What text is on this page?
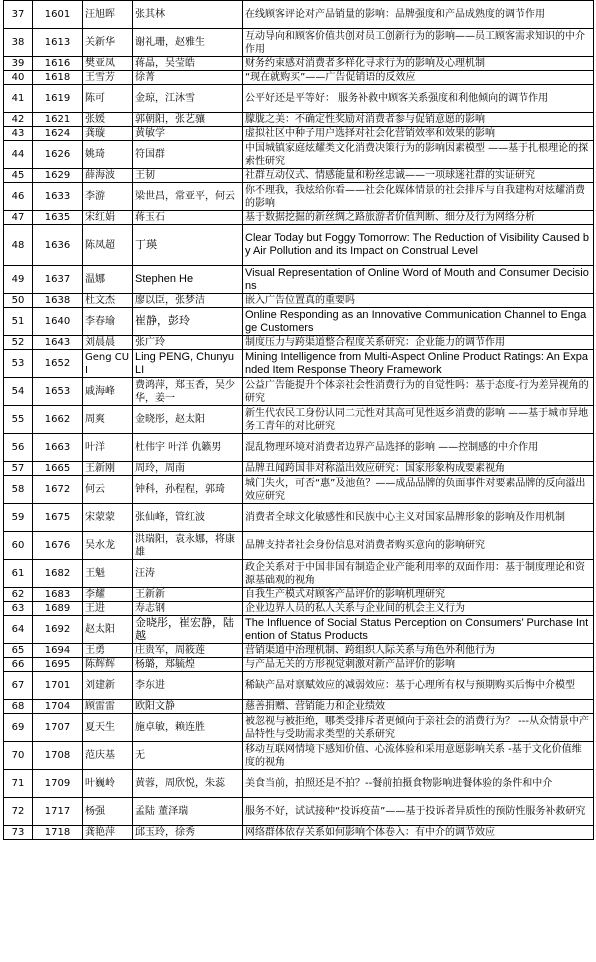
37	1601	汪旭晖	张其林	在线顾客评论对产品销量的影响：品牌强度和产品成熟度的调节作用
38	1613	关新华	谢礼珊，赵雅生	互动导向和顾客价值共创对员工创新行为的影响——员工顾客需求知识的中介作用
39	1616	樊亚凤	蒋晶，吴莹皓	财务约束感对消费者多样化寻求行为的影响及心理机制
40	1618	王雪芳	徐菁	“现在就购买”——广告促销语的反效应
41	1619	陈可	金琼，江沐雪	公平好还是平等好： 服务补救中顾客关系强度和利他倾向的调节作用
42	1621	张媛	郭朝阳，张艺骧	朦胧之美：不确定性奖励对消费者参与促销意愿的影响
43	1624	龚璇	黄敏学	虚拟社区中种子用户选择对社会化营销效率和效果的影响
44	1626	姚琦	符国群	中国城镇家庭炫耀类文化消费决策行为的影响因素模型 ——基于扎根理论的探索性研究
45	1629	薛海波	王韧	社群互动仪式、情感能量和粉丝忠诚——一项球迷社群的实证研究
46	1633	李游	梁世昌，常亚平，何云	你不理我，我炫给你看——社会化媒体情景的社会排斥与自我建构对炫耀消费的影响
47	1635	宋红娟	蒋玉石	基于数据挖掘的新丝绸之路旅游者价值判断、细分及行为网络分析
48	1636	陈凤超	丁瑛	Clear Today but Foggy Tomorrow: The Reduction of Visibility Caused by Air Pollution and its Impact on Construal Level
49	1637	温娜	Stephen He	Visual Representation of Online Word of Mouth and Consumer Decisions
50	1638	杜文杰	廖以臣，张梦洁	嵌入广告位置真的重要吗
51	1640	李春瑜	崔静，彭玲	Online Responding as an Innovative Communication Channel to Engage Customers
52	1643	刘晨晨	张广玲	制度压力与跨渠道整合程度关系研究：企业能力的调节作用
53	1652	Geng CUI	Ling PENG, Chunyu LI	Mining Intelligence from Multi-Aspect Online Product Ratings: An Expanded Item Response Theory Framework
54	1653	戚海峰	费鸿萍，郑玉香，吴少华，姜一	公益广告能提升个体亲社会性消费行为的自觉性吗：基于态度-行为差异视角的研究
55	1662	周爽	金晓彤，赵太阳	新生代农民工身份认同二元性对其高可见性返乡消费的影响 ——基于城市异地务工青年的对比研究
56	1663	叶洋	杜伟宇 叶洋 仇籁男	混乱物理环境对消费者边界产品选择的影响 ——控制感的中介作用
57	1665	王新刚	周玲，周南	品牌丑闻跨国非对称溢出效应研究：国家形象构成要素视角
58	1672	何云	钟科，孙程程，郭琦	城门失火，可否“惠”及池鱼？——成品品牌的负面事件对要素品牌的反向溢出效应研究
59	1675	宋蒙蒙	张仙峰，管红波	消费者全球文化敏感性和民族中心主义对国家品牌形象的影响及作用机制
60	1676	吴水龙	洪瑞阳，袁永娜，将康雄	品牌支持者社会身份信息对消费者购买意向的影响研究
61	1682	王魁	汪涛	政企关系对于中国非国有制造企业产能利用率的双面作用：基于制度理论和资源基础观的视角
62	1683	李耀	王新新	自我生产模式对顾客产品评价的影响机理研究
63	1689	王进	寿志钢	企业边界人员的私人关系与企业间的机会主义行为
64	1692	赵太阳	金晓彤，崔宏静，陆越	The Influence of Social Status Perception on Consumers’ Purchase Intention of Status Products
65	1694	王勇	庄贵军，周筱莲	营销渠道中治理机制、跨组织人际关系与角色外利他行为
66	1695	陈辉辉	杨璐，郑毓煌	与产品无关的方形视觉刺激对新产品评价的影响
67	1701	刘建新	李东进	稀缺产品对禀赋效应的减弱效应：基于心理所有权与预期购买后悔中介模型
68	1704	顾雷雷	欧阳文静	慈善捐赠、营销能力和企业绩效
69	1707	夏天生	施卓敏，赖连胜	被忽视与被拒绝，哪类受排斥者更倾向于亲社会的消费行为？ ---从众情景中产品特性与受助需求类型的关系研究
70	1708	范庆基	无	移动互联网情境下感知价值、心流体验和采用意愿影响关系 -基于文化价值维度的视角
71	1709	叶巍岭	黄蓉，周欣悦，朱蕊	美食当前，拍照还是不拍？--餐前拍摄食物影响进餐体验的条件和中介
72	1717	杨强	孟陆 董泽瑞	服务不好，试试接种“投诉疫苗”——基于投诉者异质性的预防性服务补救研究
73	1718	龚艳萍	邱玉玲，徐秀	网络群体依存关系如何影响个体卷入：有中介的调节效应
